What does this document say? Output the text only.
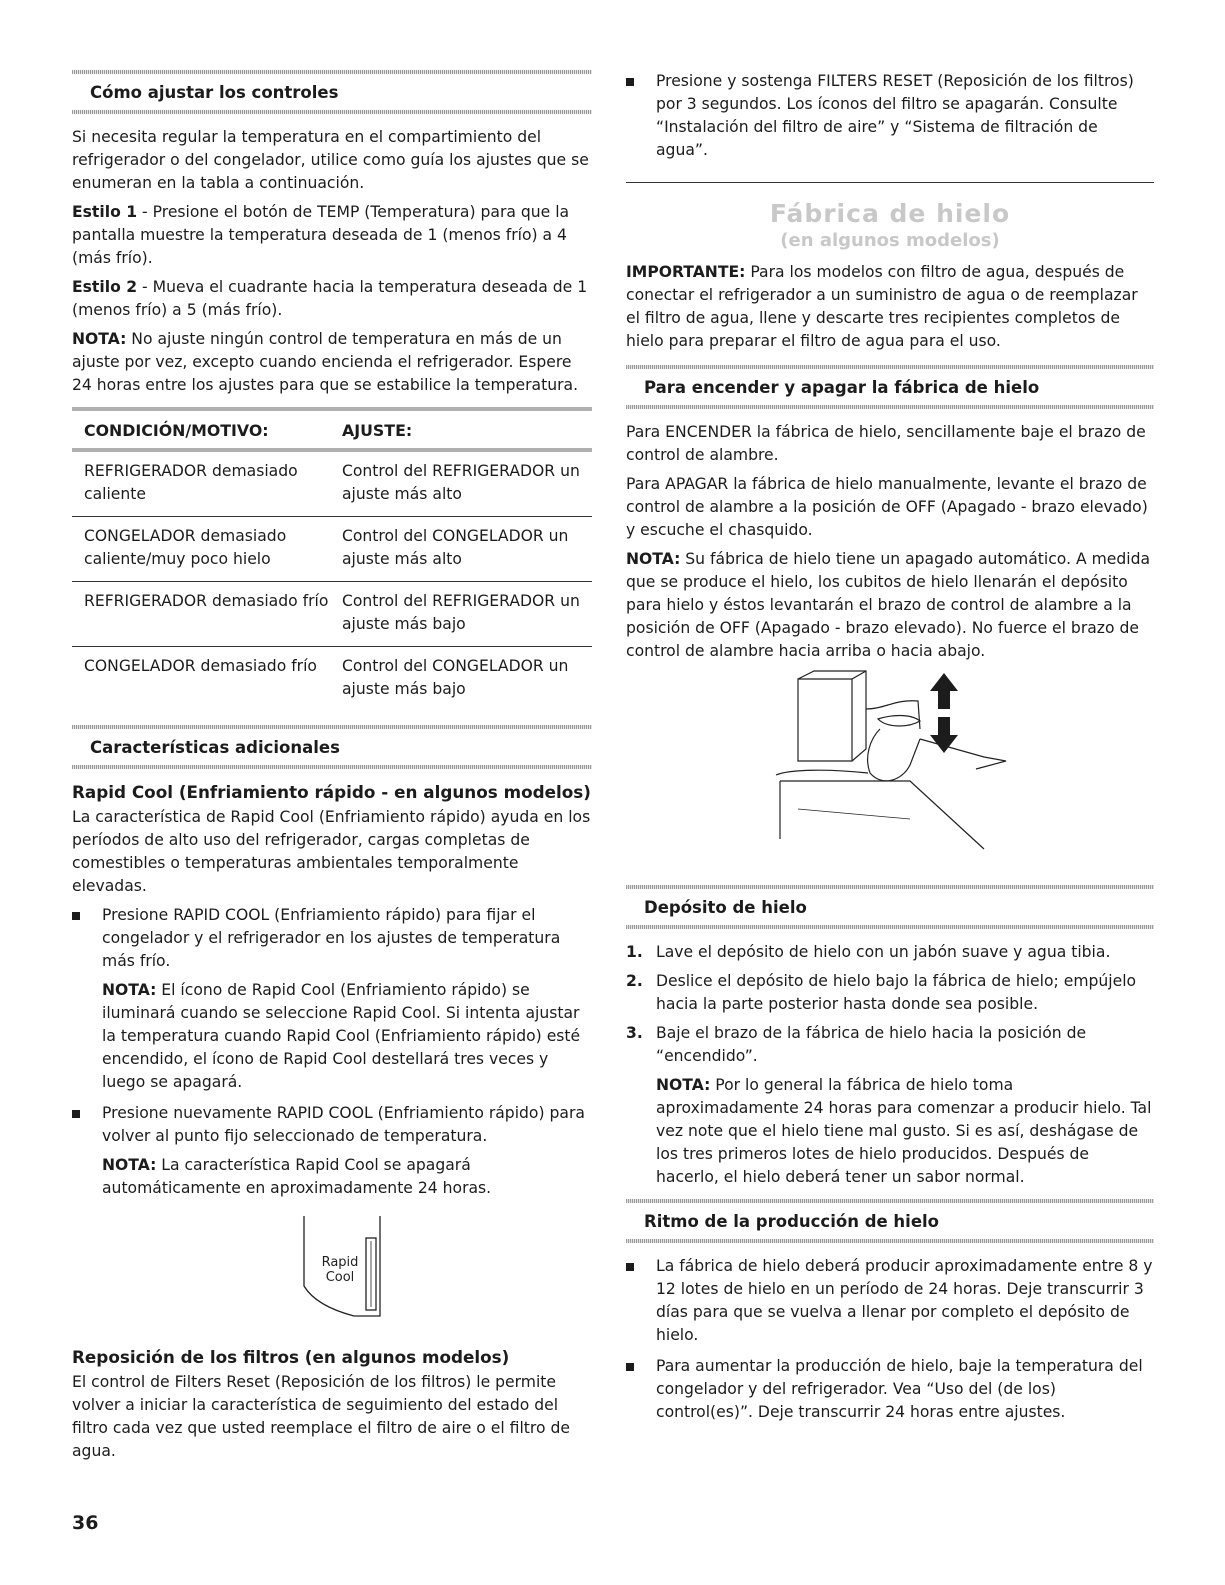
Cómo ajustar los controles

Si necesita regular la temperatura en el compartimiento del refrigerador o del congelador, utilice como guía los ajustes que se enumeran en la tabla a continuación.

Estilo 1 - Presione el botón de TEMP (Temperatura) para que la pantalla muestre la temperatura deseada de 1 (menos frío) a 4 (más frío).

Estilo 2 - Mueva el cuadrante hacia la temperatura deseada de 1 (menos frío) a 5 (más frío).

NOTA: No ajuste ningún control de temperatura en más de un ajuste por vez, excepto cuando encienda el refrigerador. Espere 24 horas entre los ajustes para que se estabilice la temperatura.

CONDICIÓN/MOTIVO:	AJUSTE:
REFRIGERADOR demasiado caliente	Control del REFRIGERADOR un ajuste más alto
CONGELADOR demasiado caliente/muy poco hielo	Control del CONGELADOR un ajuste más alto
REFRIGERADOR demasiado frío	Control del REFRIGERADOR un ajuste más bajo
CONGELADOR demasiado frío	Control del CONGELADOR un ajuste más bajo
Características adicionales
Rapid Cool (Enfriamiento rápido - en algunos modelos)

La característica de Rapid Cool (Enfriamiento rápido) ayuda en los períodos de alto uso del refrigerador, cargas completas de comestibles o temperaturas ambientales temporalmente elevadas.

Presione RAPID COOL (Enfriamiento rápido) para fijar el congelador y el refrigerador en los ajustes de temperatura más frío.

NOTA: El ícono de Rapid Cool (Enfriamiento rápido) se iluminará cuando se seleccione Rapid Cool. Si intenta ajustar la temperatura cuando Rapid Cool (Enfriamiento rápido) esté encendido, el ícono de Rapid Cool destellará tres veces y luego se apagará.

Presione nuevamente RAPID COOL (Enfriamiento rápido) para volver al punto fijo seleccionado de temperatura.

NOTA: La característica Rapid Cool se apagará automáticamente en aproximadamente 24 horas.

Rapid
Cool
Reposición de los filtros (en algunos modelos)

El control de Filters Reset (Reposición de los filtros) le permite volver a iniciar la característica de seguimiento del estado del filtro cada vez que usted reemplace el filtro de aire o el filtro de agua.

Presione y sostenga FILTERS RESET (Reposición de los filtros) por 3 segundos. Los íconos del filtro se apagarán. Consulte “Instalación del filtro de aire” y “Sistema de filtración de agua”.

Fábrica de hielo
(en algunos modelos)

IMPORTANTE: Para los modelos con filtro de agua, después de conectar el refrigerador a un suministro de agua o de reemplazar el filtro de agua, llene y descarte tres recipientes completos de hielo para preparar el filtro de agua para el uso.

Para encender y apagar la fábrica de hielo

Para ENCENDER la fábrica de hielo, sencillamente baje el brazo de control de alambre.

Para APAGAR la fábrica de hielo manualmente, levante el brazo de control de alambre a la posición de OFF (Apagado - brazo elevado) y escuche el chasquido.

NOTA: Su fábrica de hielo tiene un apagado automático. A medida que se produce el hielo, los cubitos de hielo llenarán el depósito para hielo y éstos levantarán el brazo de control de alambre a la posición de OFF (Apagado - brazo elevado). No fuerce el brazo de control de alambre hacia arriba o hacia abajo.

Depósito de hielo
1. Lave el depósito de hielo con un jabón suave y agua tibia.

2. Deslice el depósito de hielo bajo la fábrica de hielo; empújelo hacia la parte posterior hasta donde sea posible.

3. Baje el brazo de la fábrica de hielo hacia la posición de “encendido”.

NOTA: Por lo general la fábrica de hielo toma aproximadamente 24 horas para comenzar a producir hielo. Tal vez note que el hielo tiene mal gusto. Si es así, deshágase de los tres primeros lotes de hielo producidos. Después de hacerlo, el hielo deberá tener un sabor normal.

Ritmo de la producción de hielo

La fábrica de hielo deberá producir aproximadamente entre 8 y 12 lotes de hielo en un período de 24 horas. Deje transcurrir 3 días para que se vuelva a llenar por completo el depósito de hielo.

Para aumentar la producción de hielo, baje la temperatura del congelador y del refrigerador. Vea “Uso del (de los) control(es)”. Deje transcurrir 24 horas entre ajustes.

36
